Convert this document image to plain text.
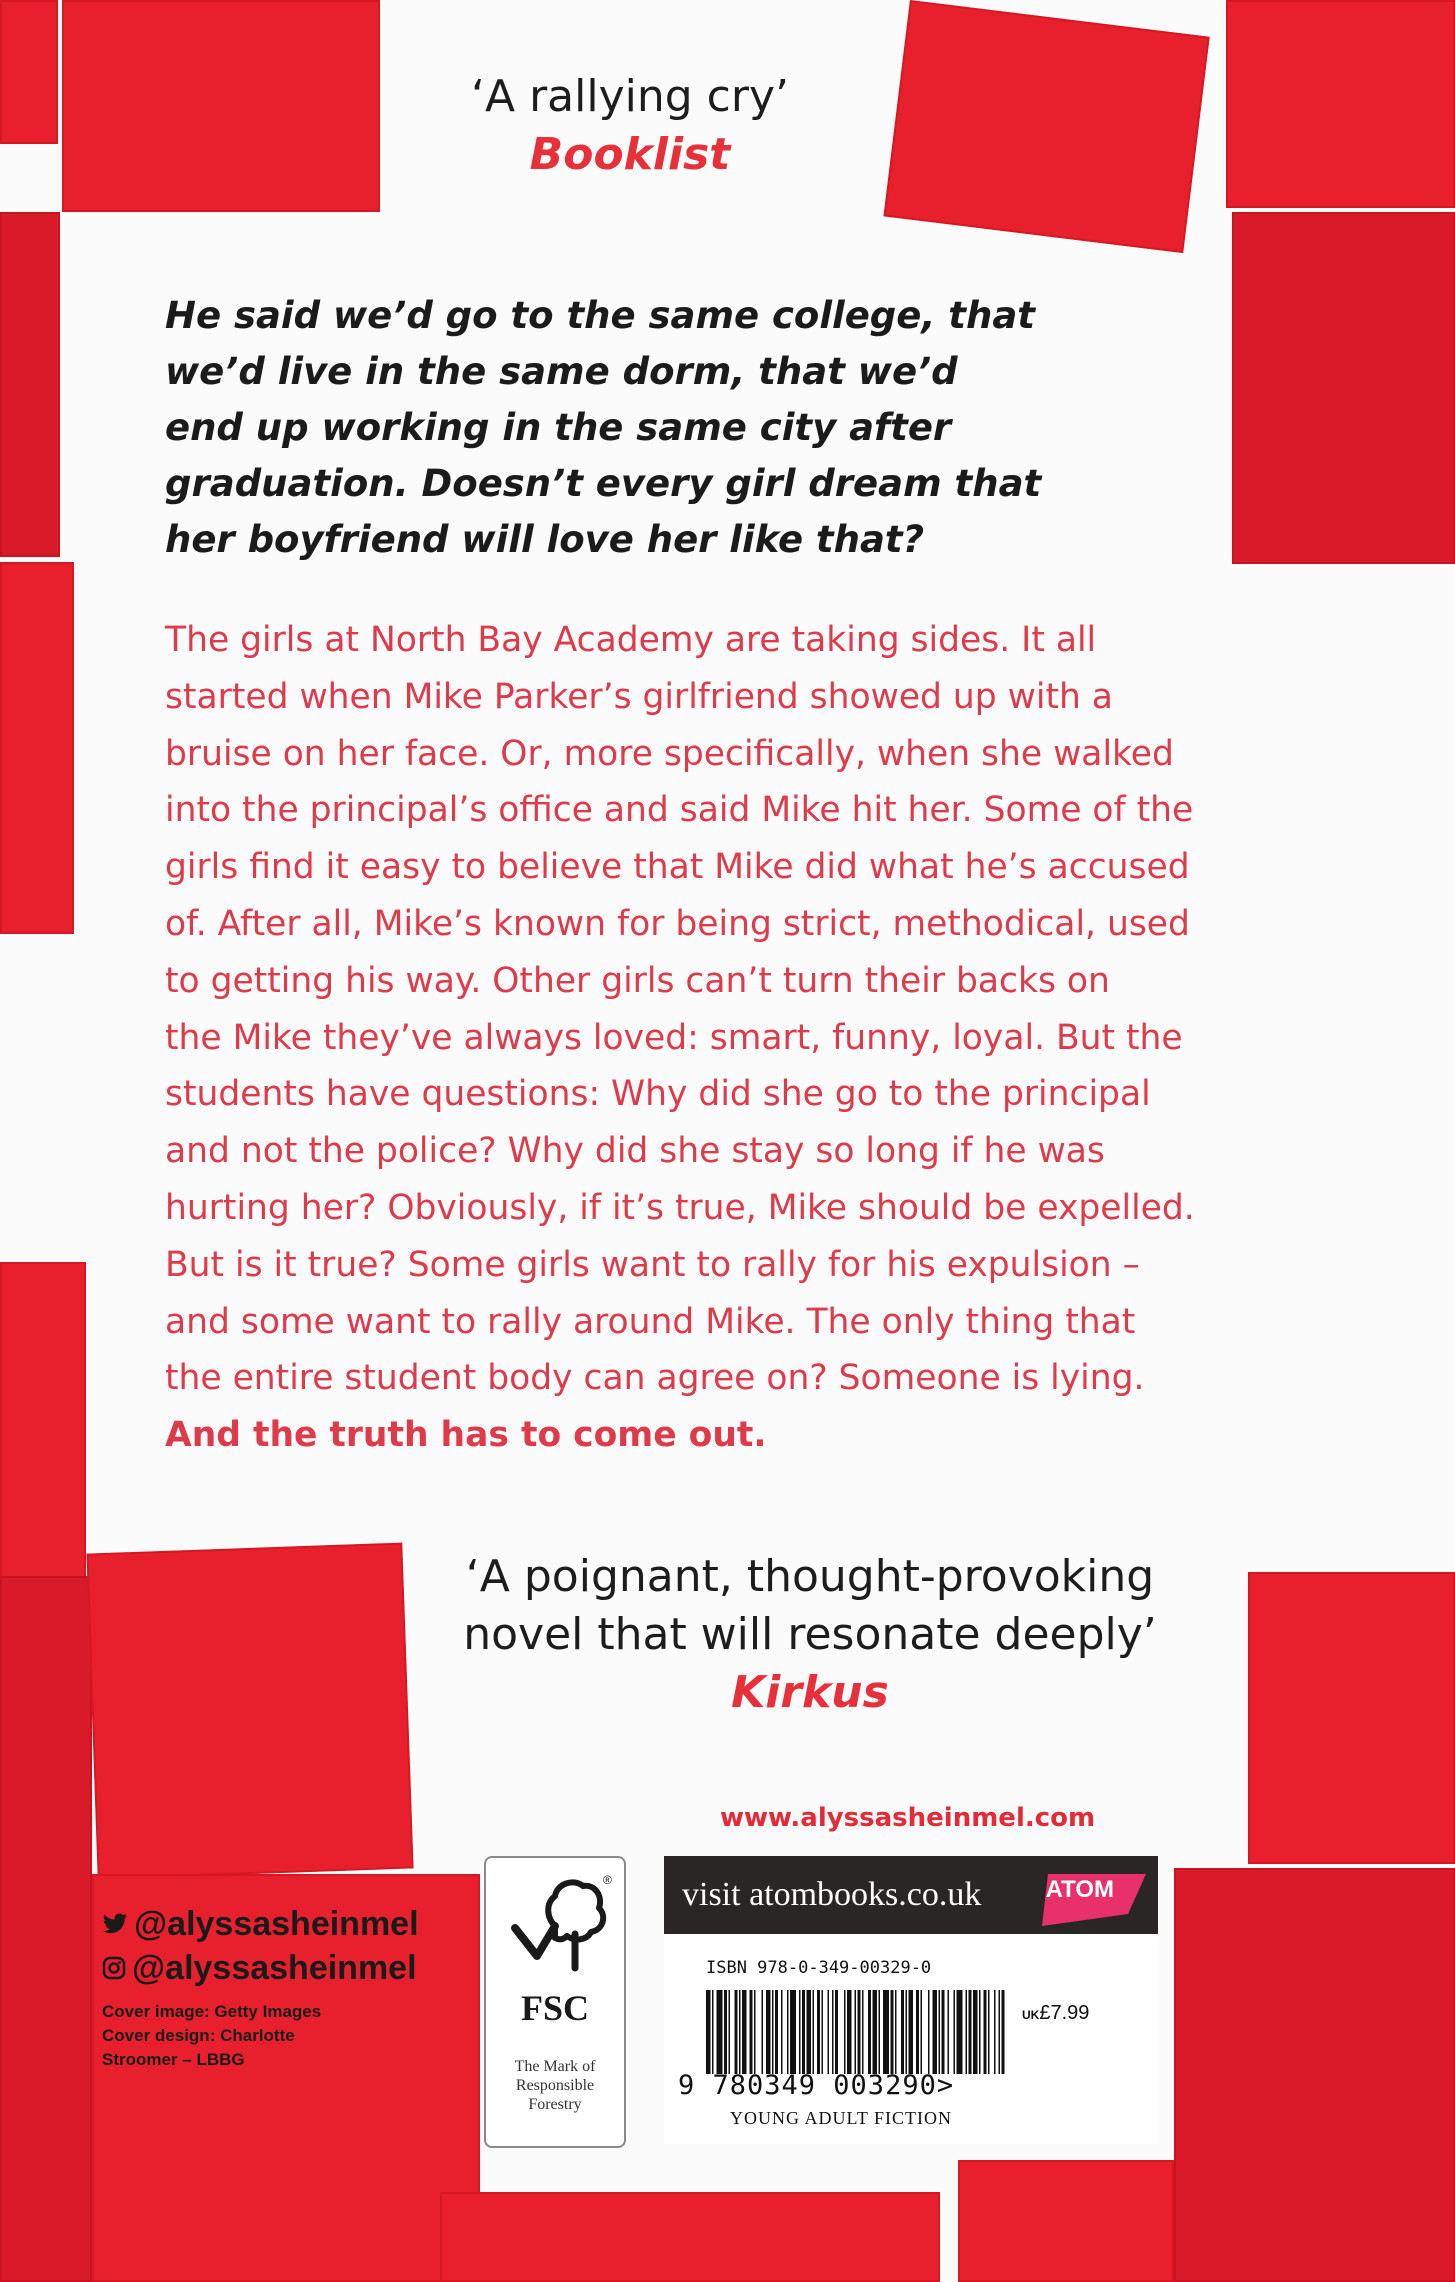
‘A rallying cry’
Booklist

He said we’d go to the same college, that
we’d live in the same dorm, that we’d
end up working in the same city after
graduation. Doesn’t every girl dream that
her boyfriend will love her like that?

The girls at North Bay Academy are taking sides. It all
started when Mike Parker’s girlfriend showed up with a
bruise on her face. Or, more specifically, when she walked
into the principal’s office and said Mike hit her. Some of the
girls find it easy to believe that Mike did what he’s accused
of. After all, Mike’s known for being strict, methodical, used
to getting his way. Other girls can’t turn their backs on
the Mike they’ve always loved: smart, funny, loyal. But the
students have questions: Why did she go to the principal
and not the police? Why did she stay so long if he was
hurting her? Obviously, if it’s true, Mike should be expelled.
But is it true? Some girls want to rally for his expulsion –
and some want to rally around Mike. The only thing that
the entire student body can agree on? Someone is lying.
And the truth has to come out.

‘A poignant, thought-provoking
novel that will resonate deeply’
Kirkus
www.alyssasheinmel.com
@alyssasheinmel
@alyssasheinmel
Cover image: Getty Images
Cover design: Charlotte
Stroomer – LBBG
®
FSC
The Mark of Responsible Forestry
visit atombooks.co.uk	ATOM
ISBN 978-0-349-00329-0
UK£7.99
9 780349 003290>
YOUNG ADULT FICTION
